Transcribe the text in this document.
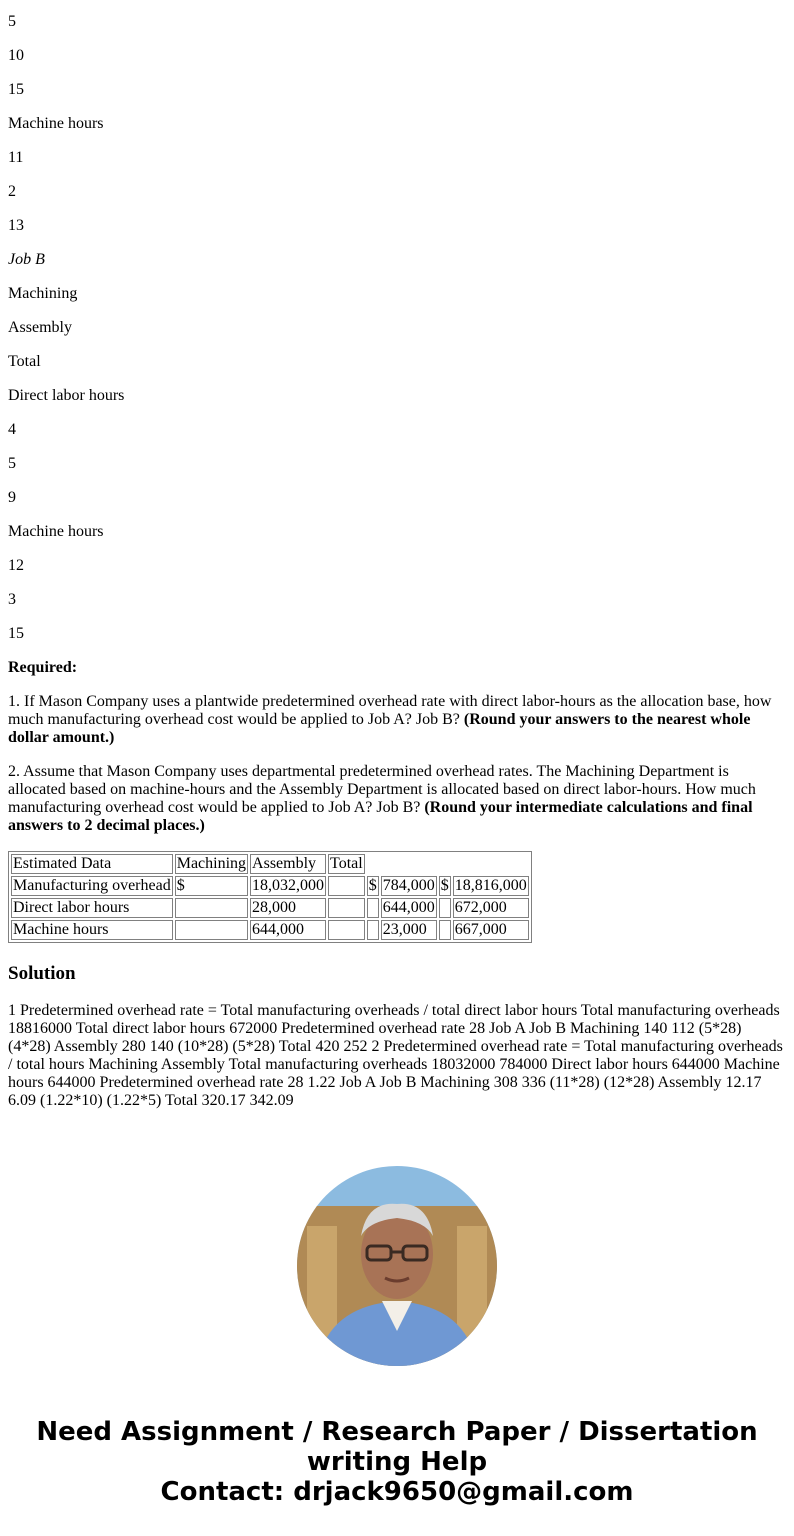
5
10
15
Machine hours
11
2
13
Job B
Machining
Assembly
Total
Direct labor hours
4
5
9
Machine hours
12
3
15
Required:

1. If Mason Company uses a plantwide predetermined overhead rate with direct labor-hours as the allocation base, how much manufacturing overhead cost would be applied to Job A? Job B? (Round your answers to the nearest whole dollar amount.)

2. Assume that Mason Company uses departmental predetermined overhead rates. The Machining Department is allocated based on machine-hours and the Assembly Department is allocated based on direct labor-hours. How much manufacturing overhead cost would be applied to Job A? Job B? (Round your intermediate calculations and final answers to 2 decimal places.)

Estimated Data	Machining	Assembly	Total				
Manufacturing overhead	$	18,032,000		$	784,000	$	18,816,000
Direct labor hours		28,000			644,000		672,000
Machine hours		644,000			23,000		667,000
Solution

1 Predetermined overhead rate = Total manufacturing overheads / total direct labor hours Total manufacturing overheads 18816000 Total direct labor hours 672000 Predetermined overhead rate 28 Job A Job B Machining 140 112 (5*28) (4*28) Assembly 280 140 (10*28) (5*28) Total 420 252 2 Predetermined overhead rate = Total manufacturing overheads / total hours Machining Assembly Total manufacturing overheads 18032000 784000 Direct labor hours 644000 Machine hours 644000 Predetermined overhead rate 28 1.22 Job A Job B Machining 308 336 (11*28) (12*28) Assembly 12.17 6.09 (1.22*10) (1.22*5) Total 320.17 342.09

Need Assignment / Research Paper / Dissertation
writing Help
Contact: drjack9650@gmail.com
